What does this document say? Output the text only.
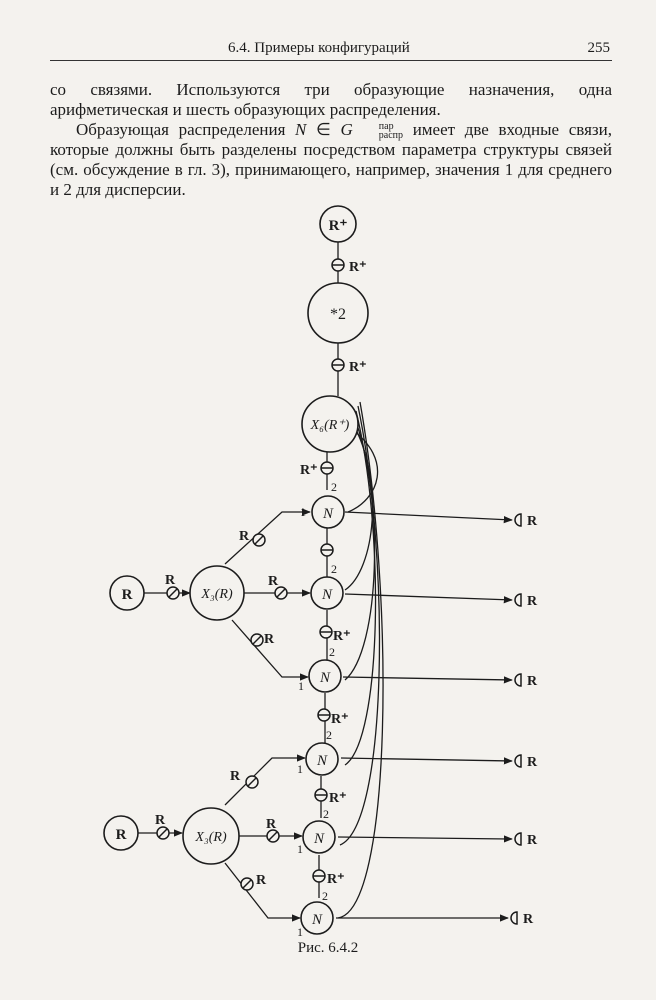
6.4. Примеры конфигураций	255

со связями. Используются три образующие назначения, одна арифметическая и шесть образующих распределения.

Образующая распределения N ∈ G	пар
распр имеет две входные связи, которые должны быть разделены посредством параметра структуры связей (см. обсуждение в гл. 3), принимающего, например, значения 1 для среднего и 2 для дисперсии.

R⁺
*2
X₆(R⁺)
R	X₃(R)
R	X₃(R)
N
N
N
N
N
N
R⁺
R⁺
R⁺
R⁺
R⁺
R⁺
R⁺
R
R
R
R
R
R
R
R
R
R
R
R
R
R
1
2
2
1
2
1
2
1
2
1
2
Рис. 6.4.2
